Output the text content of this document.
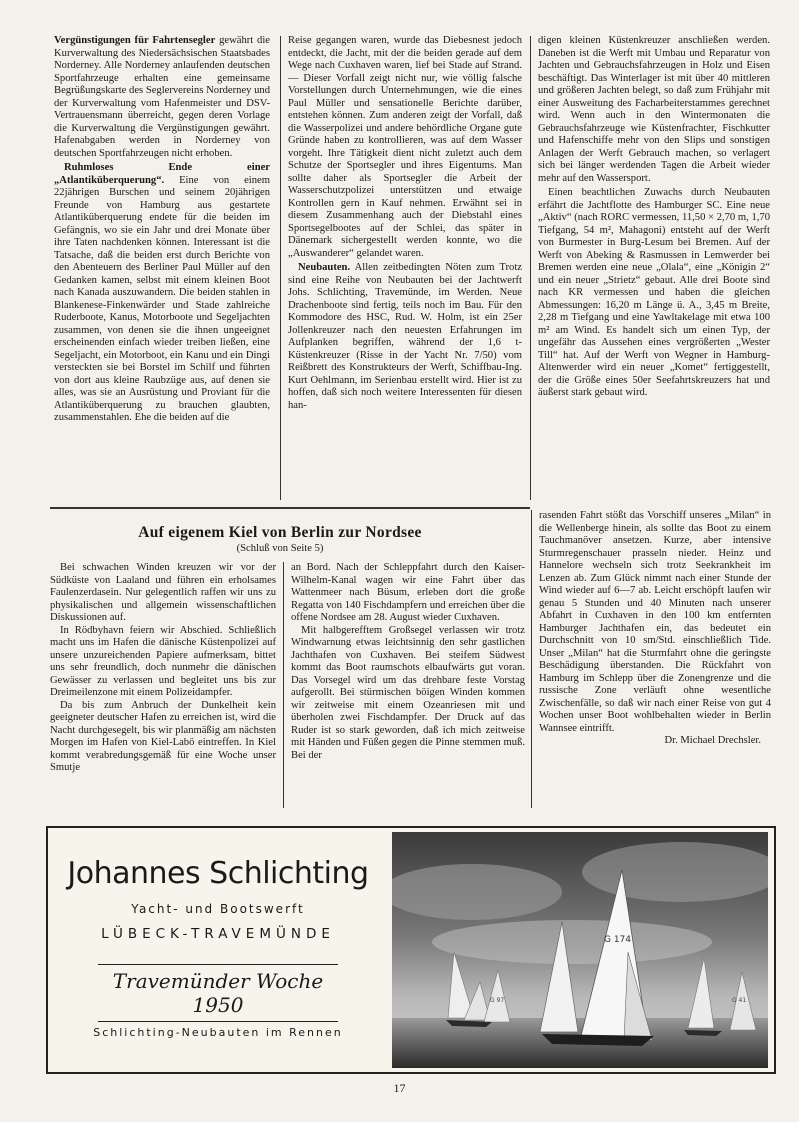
Vergünstigungen für Fahrtensegler gewährt die Kurverwaltung des Niedersächsischen Staatsbades Norderney. Alle Norderney anlaufenden deutschen Sportfahrzeuge erhalten eine gemeinsame Begrüßungskarte des Seglervereins Norderney und der Kurverwaltung vom Hafenmeister und DSV-Vertrauensmann überreicht, gegen deren Vorlage die Kurverwaltung die Vergünstigungen gewährt. Hafenabgaben werden in Norderney von deutschen Sportfahrzeugen nicht erhoben.

Ruhmloses Ende einer „Atlantiküberquerung“. Eine von einem 22jährigen Burschen und seinem 20jährigen Freunde von Hamburg aus gestartete Atlantiküberquerung endete für die beiden im Gefängnis, wo sie ein Jahr und drei Monate über ihre Taten nachdenken können. Interessant ist die Tatsache, daß die beiden erst durch Berichte von den Abenteuern des Berliner Paul Müller auf den Gedanken kamen, selbst mit einem kleinen Boot nach Kanada auszuwandern. Die beiden stahlen in Blankenese-Finkenwärder und Stade zahlreiche Ruderboote, Kanus, Motorboote und Segeljachten zusammen, von denen sie die ihnen ungeeignet erscheinenden einfach wieder treiben ließen, eine Segeljacht, ein Motorboot, ein Kanu und ein Dingi versteckten sie bei Borstel im Schilf und führten von dort aus kleine Raubzüge aus, auf denen sie alles, was sie an Ausrüstung und Proviant für die Atlantiküberquerung zu brauchen glaubten, zusammenstahlen. Ehe die beiden auf die

Reise gegangen waren, wurde das Diebesnest jedoch entdeckt, die Jacht, mit der die beiden gerade auf dem Wege nach Cuxhaven waren, lief bei Stade auf Strand. — Dieser Vorfall zeigt nicht nur, wie völlig falsche Vorstellungen durch Unternehmungen, wie die eines Paul Müller und sensationelle Berichte darüber, entstehen können. Zum anderen zeigt der Vorfall, daß die Wasserpolizei und andere behördliche Organe gute Gründe haben zu kontrollieren, was auf dem Wasser vorgeht. Ihre Tätigkeit dient nicht zuletzt auch dem Schutze der Sportsegler und ihres Eigentums. Man sollte daher als Sportsegler die Arbeit der Wasserschutzpolizei unterstützen und etwaige Kontrollen gern in Kauf nehmen. Erwähnt sei in diesem Zusammenhang auch der Diebstahl eines Sportsegelbootes auf der Schlei, das später in Dänemark sichergestellt werden konnte, wo die „Auswanderer“ gelandet waren.

Neubauten. Allen zeitbedingten Nöten zum Trotz sind eine Reihe von Neubauten bei der Jachtwerft Johs. Schlichting, Travemünde, im Werden. Neue Drachenboote sind fertig, teils noch im Bau. Für den Kommodore des HSC, Rud. W. Holm, ist ein 25er Jollenkreuzer nach den neuesten Erfahrungen im Aufplanken begriffen, während der 1,6 t-Küstenkreuzer (Risse in der Yacht Nr. 7/50) vom Reißbrett des Konstrukteurs der Werft, Schiffbau-Ing. Kurt Oehlmann, im Serienbau erstellt wird. Hier ist zu hoffen, daß sich noch weitere Interessenten für diesen han-

digen kleinen Küstenkreuzer anschließen werden. Daneben ist die Werft mit Umbau und Reparatur von Jachten und Gebrauchsfahrzeugen in Holz und Eisen beschäftigt. Das Winterlager ist mit über 40 mittleren und größeren Jachten belegt, so daß zum Frühjahr mit einer Ausweitung des Facharbeiterstammes gerechnet wird. Wenn auch in den Wintermonaten die Gebrauchsfahrzeuge wie Küstenfrachter, Fischkutter und Hafenschiffe mehr von den Slips und sonstigen Anlagen der Werft Gebrauch machen, so verlagert sich bei länger werdenden Tagen die Arbeit wieder mehr auf den Wassersport.

Einen beachtlichen Zuwachs durch Neubauten erfährt die Jachtflotte des Hamburger SC. Eine neue „Aktiv“ (nach RORC vermessen, 11,50 × 2,70 m, 1,70 Tiefgang, 54 m², Mahagoni) entsteht auf der Werft von Burmester in Burg-Lesum bei Bremen. Auf der Werft von Abeking & Rasmussen in Lemwerder bei Bremen werden eine neue „Olala“, eine „Königin 2“ und ein neuer „Strietz“ gebaut. Alle drei Boote sind nach KR vermessen und haben die gleichen Abmessungen: 16,20 m Länge ü. A., 3,45 m Breite, 2,28 m Tiefgang und eine Yawltakelage mit etwa 100 m² am Wind. Es handelt sich um einen Typ, der ungefähr das Aussehen eines vergrößerten „Wester Till“ hat. Auf der Werft von Wegner in Hamburg-Altenwerder wird ein neuer „Komet“ fertiggestellt, der die Größe eines 50er Seefahrtskreuzers hat und äußerst stark gebaut wird.

Auf eigenem Kiel von Berlin zur Nordsee
(Schluß von Seite 5)

Bei schwachen Winden kreuzen wir vor der Südküste von Laaland und führen ein erholsames Faulenzerdasein. Nur gelegentlich raffen wir uns zu physikalischen und allgemein wissenschaftlichen Diskussionen auf.

In Rödbyhavn feiern wir Abschied. Schließlich macht uns im Hafen die dänische Küstenpolizei auf unsere unzureichenden Papiere aufmerksam, bittet uns sehr freundlich, doch nunmehr die dänischen Gewässer zu verlassen und begleitet uns bis zur Dreimeilenzone mit einem Polizeidampfer.

Da bis zum Anbruch der Dunkelheit kein geeigneter deutscher Hafen zu erreichen ist, wird die Nacht durchgesegelt, bis wir planmäßig am nächsten Morgen im Hafen von Kiel-Labö eintreffen. In Kiel kommt verabredungsgemäß für eine Woche unser Smutje

an Bord. Nach der Schleppfahrt durch den Kaiser-Wilhelm-Kanal wagen wir eine Fahrt über das Wattenmeer nach Büsum, erleben dort die große Regatta von 140 Fischdampfern und erreichen über die offene Nordsee am 28. August wieder Cuxhaven.

Mit halbgerefftem Großsegel verlassen wir trotz Windwarnung etwas leichtsinnig den sehr gastlichen Jachthafen von Cuxhaven. Bei steifem Südwest kommt das Boot raumschots elbaufwärts gut voran. Das Vorsegel wird um das drehbare feste Vorstag aufgerollt. Bei stürmischen böigen Winden kommen wir zeitweise mit einem Ozeanriesen mit und überholen zwei Fischdampfer. Der Druck auf das Ruder ist so stark geworden, daß ich mich zeitweise mit Händen und Füßen gegen die Pinne stemmen muß. Bei der

rasenden Fahrt stößt das Vorschiff unseres „Milan“ in die Wellenberge hinein, als sollte das Boot zu einem Tauchmanöver ansetzen. Kurze, aber intensive Sturmregenschauer prasseln nieder. Heinz und Hannelore wechseln sich trotz Seekrankheit im Lenzen ab. Zum Glück nimmt nach einer Stunde der Wind wieder auf 6—7 ab. Leicht erschöpft laufen wir genau 5 Stunden und 40 Minuten nach unserer Abfahrt in Cuxhaven in den 100 km entfernten Hamburger Jachthafen ein, das bedeutet ein Durchschnitt von 10 sm/Std. einschließlich Tide. Unser „Milan“ hat die Sturmfahrt ohne die geringste Beschädigung überstanden. Die Rückfahrt von Hamburg im Schlepp über die Zonengrenze und die russische Zone verläuft ohne wesentliche Zwischenfälle, so daß wir nach einer Reise von gut 4 Wochen unser Boot wohlbehalten wieder in Berlin Wannsee eintrifft.

Dr. Michael Drechsler.
Johannes Schlichting
Yacht- und Bootswerft
LÜBECK-TRAVEMÜNDE
Travemünder Woche 1950
Schlichting-Neubauten im Rennen
G 174
G 97	G 41
17
